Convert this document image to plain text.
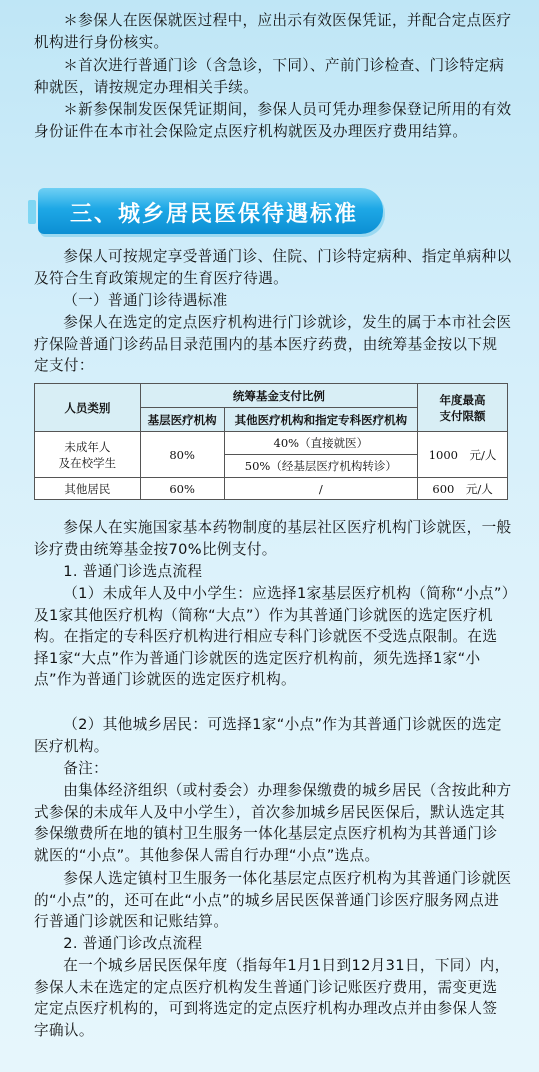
＊参保人在医保就医过程中，应出示有效医保凭证，并配合定点医疗机构进行身份核实。

＊首次进行普通门诊（含急诊，下同）、产前门诊检查、门诊特定病种就医，请按规定办理相关手续。

＊新参保制发医保凭证期间，参保人员可凭办理参保登记所用的有效身份证件在本市社会保险定点医疗机构就医及办理医疗费用结算。

三、城乡居民医保待遇标准

参保人可按规定享受普通门诊、住院、门诊特定病种、指定单病种以及符合生育政策规定的生育医疗待遇。

（一）普通门诊待遇标准

参保人在选定的定点医疗机构进行门诊就诊，发生的属于本市社会医疗保险普通门诊药品目录范围内的基本医疗药费，由统筹基金按以下规定支付：

人员类别	统筹基金支付比例		年度最高
支付限额

	基层医疗机构	其他医疗机构和指定专科医疗机构	

未成年人
及在校学生	80%	40%（直接就医）	1000　元/人
		50%（经基层医疗机构转诊）	
其他居民	60%	/	600　元/人

参保人在实施国家基本药物制度的基层社区医疗机构门诊就医，一般诊疗费由统筹基金按70%比例支付。

1. 普通门诊选点流程

（1）未成年人及中小学生：应选择1家基层医疗机构（简称“小点”）及1家其他医疗机构（简称“大点”）作为其普通门诊就医的选定医疗机构。在指定的专科医疗机构进行相应专科门诊就医不受选点限制。在选择1家“大点”作为普通门诊就医的选定医疗机构前，须先选择1家“小点”作为普通门诊就医的选定医疗机构。

（2）其他城乡居民：可选择1家“小点”作为其普通门诊就医的选定医疗机构。

备注：

由集体经济组织（或村委会）办理参保缴费的城乡居民（含按此种方式参保的未成年人及中小学生），首次参加城乡居民医保后，默认选定其参保缴费所在地的镇村卫生服务一体化基层定点医疗机构为其普通门诊就医的“小点”。其他参保人需自行办理“小点”选点。

参保人选定镇村卫生服务一体化基层定点医疗机构为其普通门诊就医的“小点”的，还可在此“小点”的城乡居民医保普通门诊医疗服务网点进行普通门诊就医和记账结算。

2. 普通门诊改点流程

在一个城乡居民医保年度（指每年1月1日到12月31日，下同）内，参保人未在选定的定点医疗机构发生普通门诊记账医疗费用，需变更选定定点医疗机构的，可到将选定的定点医疗机构办理改点并由参保人签字确认。
